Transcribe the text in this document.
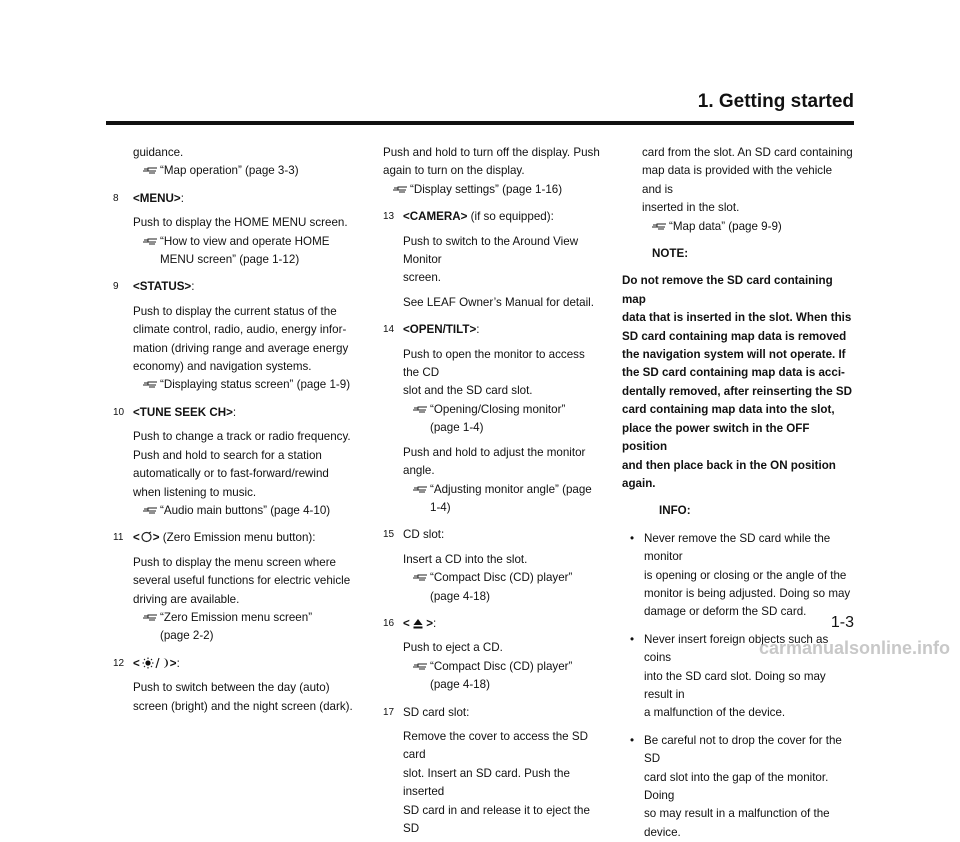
1. Getting started

guidance.

“Map operation” (page 3-3)

8 <MENU>:

Push to display the HOME MENU screen.

“How to view and operate HOME

MENU screen” (page 1-12)

9 <STATUS>:

Push to display the current status of the
climate control, radio, audio, energy infor-
mation (driving range and average energy
economy) and navigation systems.

“Displaying status screen” (page 1-9)

10 <TUNE SEEK CH>:

Push to change a track or radio frequency.
Push and hold to search for a station
automatically or to fast-forward/rewind
when listening to music.

“Audio main buttons” (page 4-10)

11 < > (Zero Emission menu button):

Push to display the menu screen where
several useful functions for electric vehicle
driving are available.

“Zero Emission menu screen”

(page 2-2)

12 <	>:

Push to switch between the day (auto)
screen (bright) and the night screen (dark).

Push and hold to turn off the display. Push
again to turn on the display.

“Display settings” (page 1-16)

13 <CAMERA> (if so equipped):

Push to switch to the Around View Monitor
screen.

See LEAF Owner’s Manual for detail.

14 <OPEN/TILT>:

Push to open the monitor to access the CD
slot and the SD card slot.

“Opening/Closing monitor”

(page 1-4)

Push and hold to adjust the monitor angle.

“Adjusting monitor angle” (page 1-4)

15 CD slot:

Insert a CD into the slot.

“Compact Disc (CD) player”

(page 4-18)

16 < >:

Push to eject a CD.

“Compact Disc (CD) player”

(page 4-18)

17 SD card slot:

Remove the cover to access the SD card
slot. Insert an SD card. Push the inserted
SD card in and release it to eject the SD

card from the slot. An SD card containing
map data is provided with the vehicle and is
inserted in the slot.

“Map data” (page 9-9)

NOTE:

Do not remove the SD card containing map
data that is inserted in the slot. When this
SD card containing map data is removed
the navigation system will not operate. If
the SD card containing map data is acci-
dentally removed, after reinserting the SD
card containing map data into the slot,
place the power switch in the OFF position
and then place back in the ON position
again.

INFO:

• Never remove the SD card while the monitor
is opening or closing or the angle of the
monitor is being adjusted. Doing so may
damage or deform the SD card.

• Never insert foreign objects such as coins
into the SD card slot. Doing so may result in
a malfunction of the device.

• Be careful not to drop the cover for the SD
card slot into the gap of the monitor. Doing
so may result in a malfunction of the device.

1-3

carmanualsonline.info
